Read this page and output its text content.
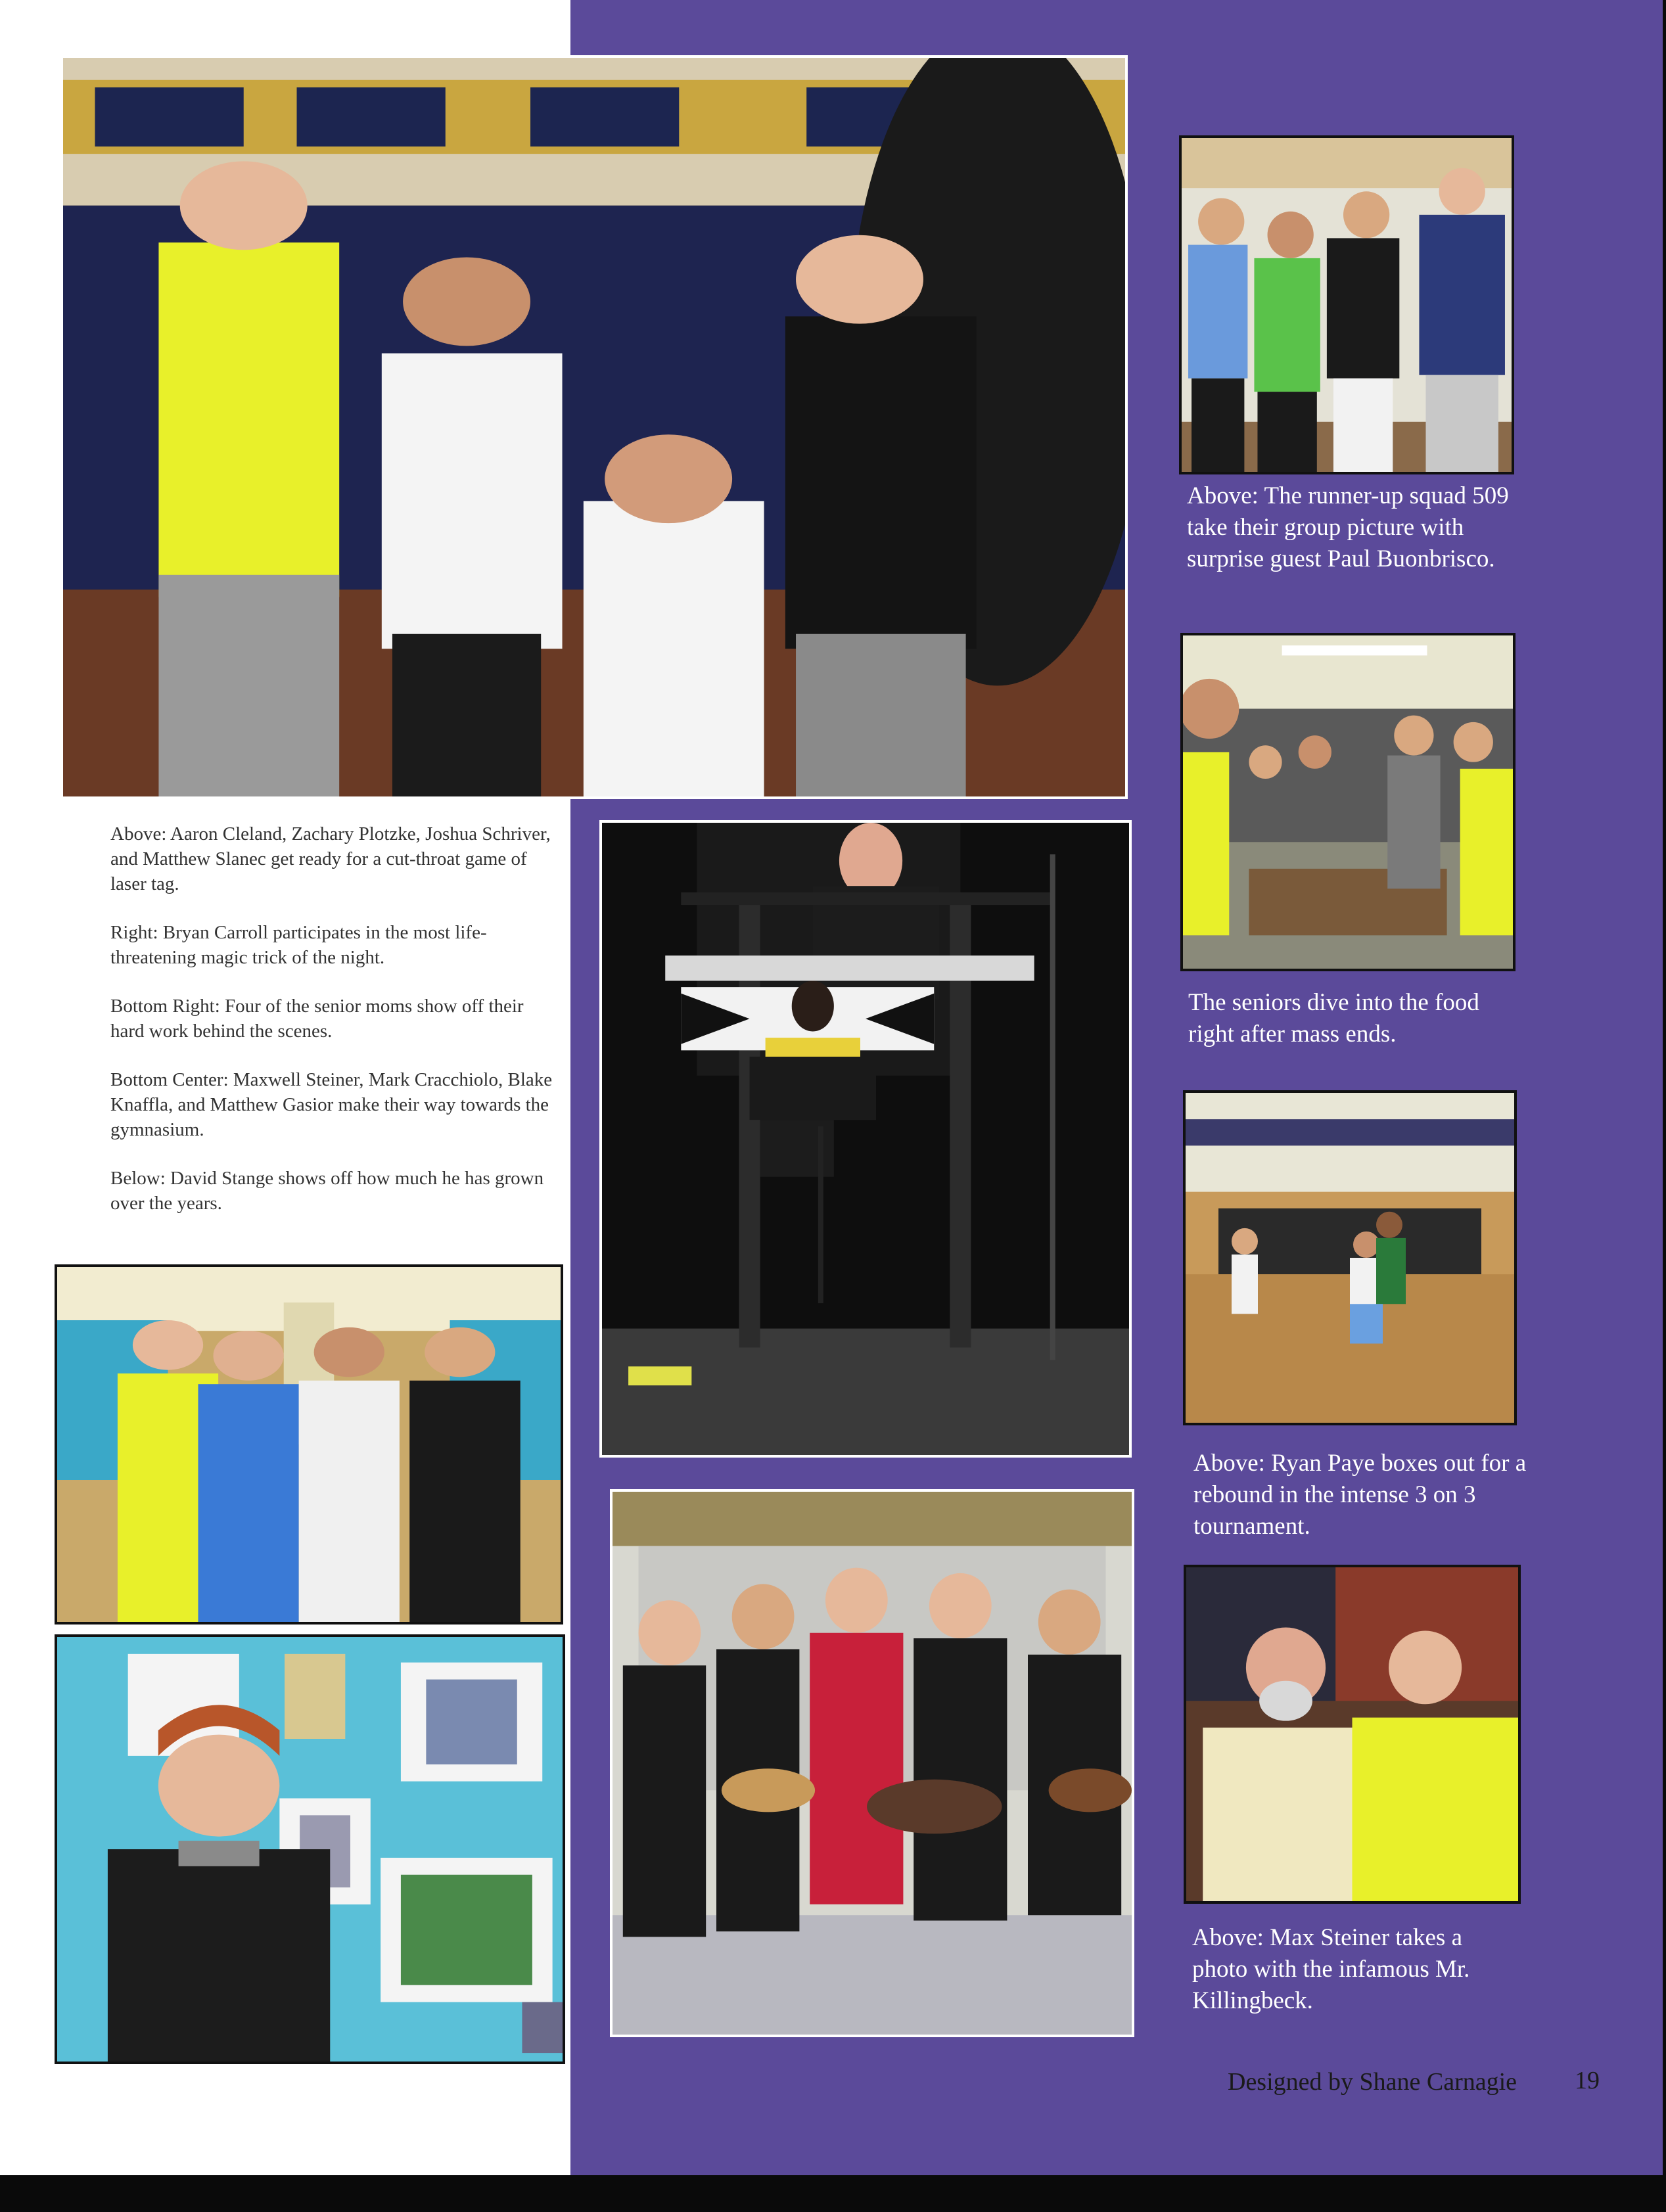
Above: Aaron Cleland, Zachary Plotzke, Joshua Schriver, and Matthew Slanec get ready for a cut-throat game of laser tag.

Right: Bryan Carroll participates in the most life-threatening magic trick of the night.

Bottom Right: Four of the senior moms show off their hard work behind the scenes.

Bottom Center: Maxwell Steiner, Mark Cracchiolo, Blake Knaffla, and Matthew Gasior make their way towards the gymnasium.

Below: David Stange shows off how much he has grown over the years.

Above: The runner-up squad 509 take their group picture with surprise guest Paul Buonbrisco.
The seniors dive into the food right after mass ends.
Above: Ryan Paye boxes out for a rebound in the intense 3 on 3 tournament.
Above: Max Steiner takes a photo with the infamous Mr. Killingbeck.
Designed by Shane Carnagie 19
